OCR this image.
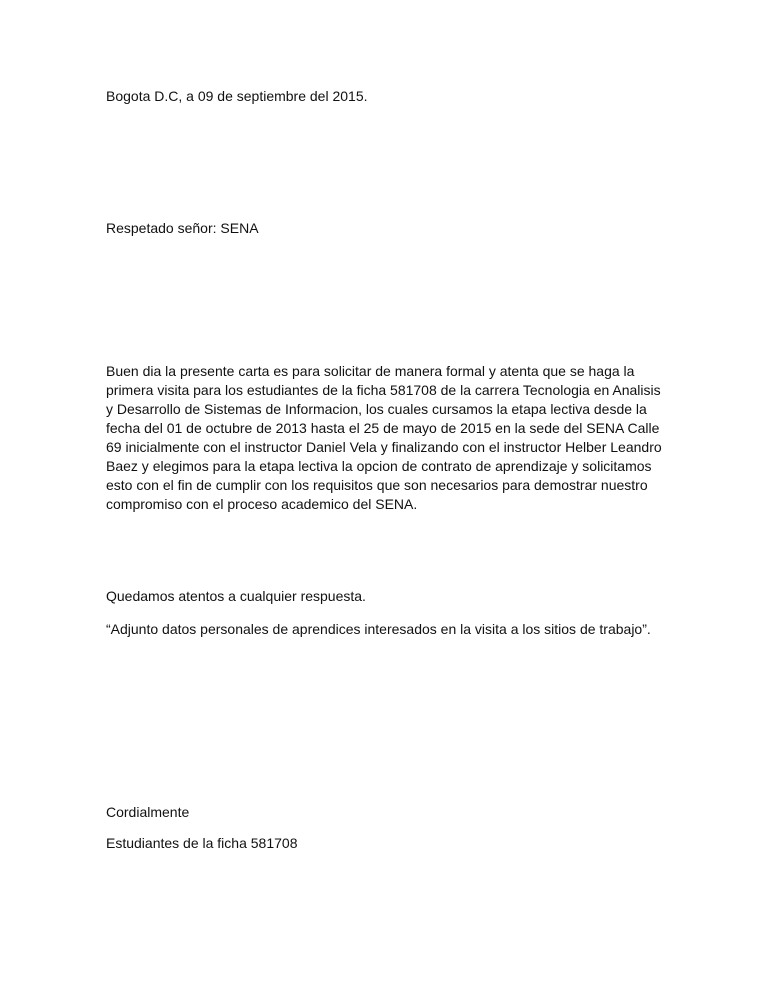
Bogota D.C, a 09 de septiembre del 2015.

Respetado señor: SENA

Buen dia la presente carta es para solicitar de manera formal y atenta que se haga la
primera visita para los estudiantes de la ficha 581708 de la carrera Tecnologia en Analisis
y Desarrollo de Sistemas de Informacion, los cuales cursamos la etapa lectiva desde la
fecha del 01 de octubre de 2013 hasta el 25 de mayo de 2015 en la sede del SENA Calle
69 inicialmente con el instructor Daniel Vela y finalizando con el instructor Helber Leandro
Baez y elegimos para la etapa lectiva la opcion de contrato de aprendizaje y solicitamos
esto con el fin de cumplir con los requisitos que son necesarios para demostrar nuestro
compromiso con el proceso academico del SENA.

Quedamos atentos a cualquier respuesta.

“Adjunto datos personales de aprendices interesados en la visita a los sitios de trabajo”.

Cordialmente

Estudiantes de la ficha 581708
